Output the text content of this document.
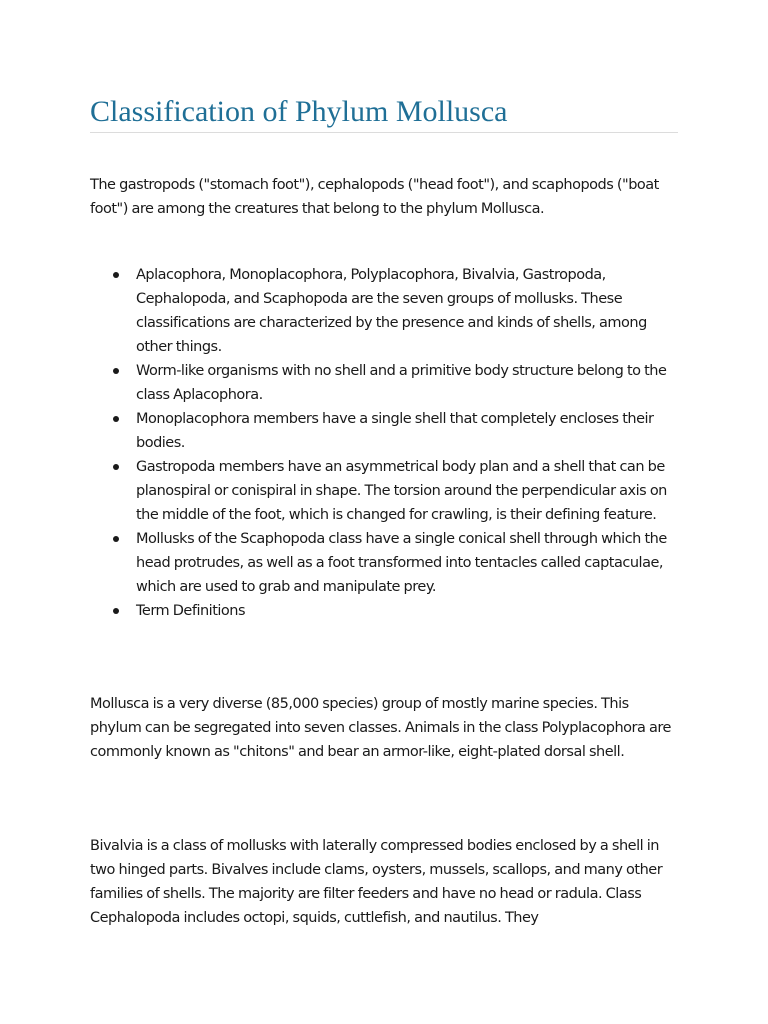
Classification of Phylum Mollusca

The gastropods ("stomach foot"), cephalopods ("head foot"), and scaphopods ("boat foot") are among the creatures that belong to the phylum Mollusca.

Aplacophora, Monoplacophora, Polyplacophora, Bivalvia, Gastropoda, Cephalopoda, and Scaphopoda are the seven groups of mollusks. These classifications are characterized by the presence and kinds of shells, among other things.
Worm-like organisms with no shell and a primitive body structure belong to the class Aplacophora.
Monoplacophora members have a single shell that completely encloses their bodies.
Gastropoda members have an asymmetrical body plan and a shell that can be planospiral or conispiral in shape. The torsion around the perpendicular axis on the middle of the foot, which is changed for crawling, is their defining feature.
Mollusks of the Scaphopoda class have a single conical shell through which the head protrudes, as well as a foot transformed into tentacles called captaculae, which are used to grab and manipulate prey.
Term Definitions

Mollusca is a very diverse (85,000 species) group of mostly marine species. This phylum can be segregated into seven classes. Animals in the class Polyplacophora are commonly known as "chitons" and bear an armor-like, eight-plated dorsal shell.

Bivalvia is a class of mollusks with laterally compressed bodies enclosed by a shell in two hinged parts. Bivalves include clams, oysters, mussels, scallops, and many other families of shells. The majority are filter feeders and have no head or radula. Class Cephalopoda includes octopi, squids, cuttlefish, and nautilus. They
